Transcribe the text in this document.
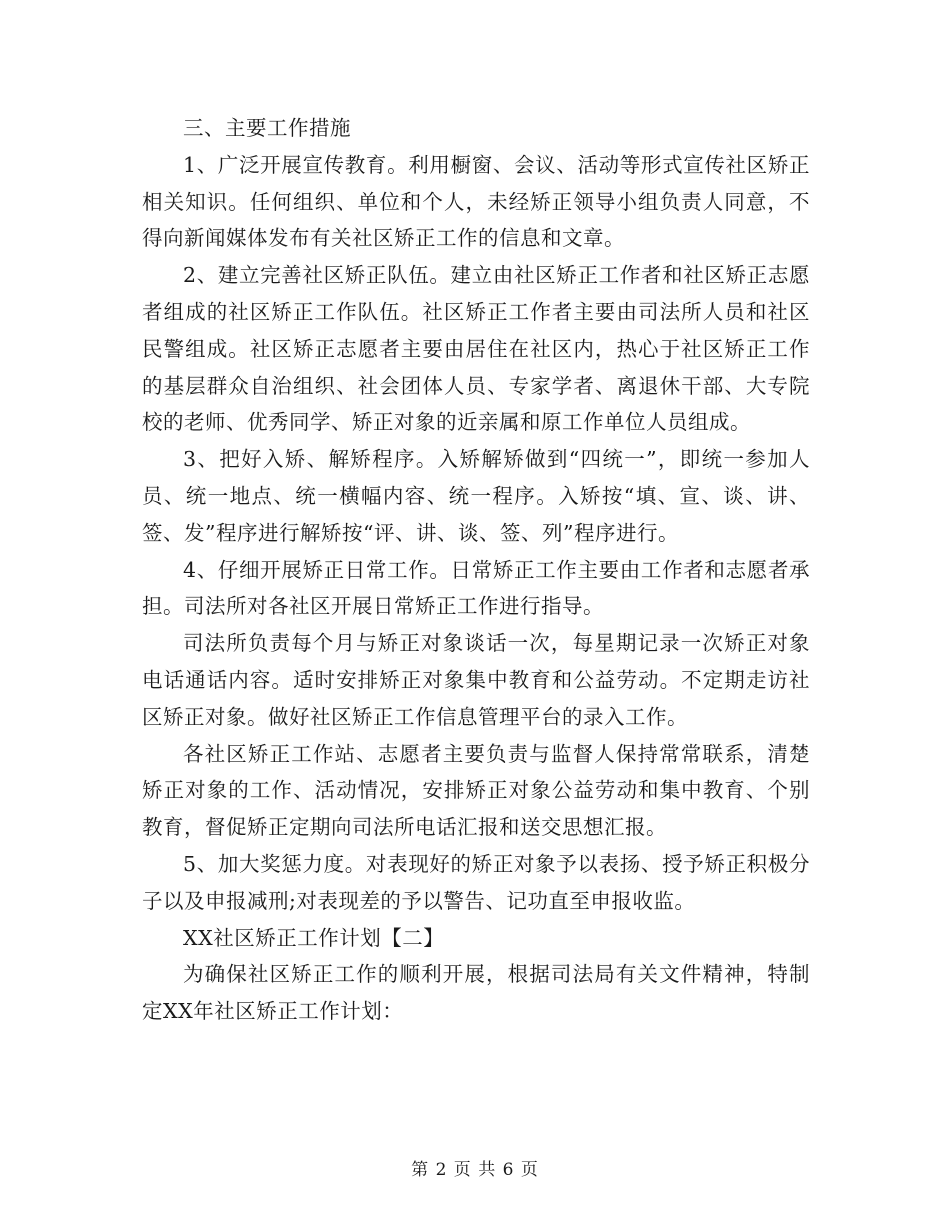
三、主要工作措施

1、广泛开展宣传教育。利用橱窗、会议、活动等形式宣传社区矫正相关知识。任何组织、单位和个人，未经矫正领导小组负责人同意，不得向新闻媒体发布有关社区矫正工作的信息和文章。

2、建立完善社区矫正队伍。建立由社区矫正工作者和社区矫正志愿者组成的社区矫正工作队伍。社区矫正工作者主要由司法所人员和社区民警组成。社区矫正志愿者主要由居住在社区内，热心于社区矫正工作的基层群众自治组织、社会团体人员、专家学者、离退休干部、大专院校的老师、优秀同学、矫正对象的近亲属和原工作单位人员组成。

3、把好入矫、解矫程序。入矫解矫做到“四统一”，即统一参加人员、统一地点、统一横幅内容、统一程序。入矫按“填、宣、谈、讲、签、发”程序进行解矫按“评、讲、谈、签、列”程序进行。

4、仔细开展矫正日常工作。日常矫正工作主要由工作者和志愿者承担。司法所对各社区开展日常矫正工作进行指导。

司法所负责每个月与矫正对象谈话一次，每星期记录一次矫正对象电话通话内容。适时安排矫正对象集中教育和公益劳动。不定期走访社区矫正对象。做好社区矫正工作信息管理平台的录入工作。

各社区矫正工作站、志愿者主要负责与监督人保持常常联系，清楚矫正对象的工作、活动情况，安排矫正对象公益劳动和集中教育、个别教育，督促矫正定期向司法所电话汇报和送交思想汇报。

5、加大奖惩力度。对表现好的矫正对象予以表扬、授予矫正积极分子以及申报减刑;对表现差的予以警告、记功直至申报收监。

XX社区矫正工作计划【二】

为确保社区矫正工作的顺利开展，根据司法局有关文件精神，特制定XX年社区矫正工作计划：

第 2 页 共 6 页
